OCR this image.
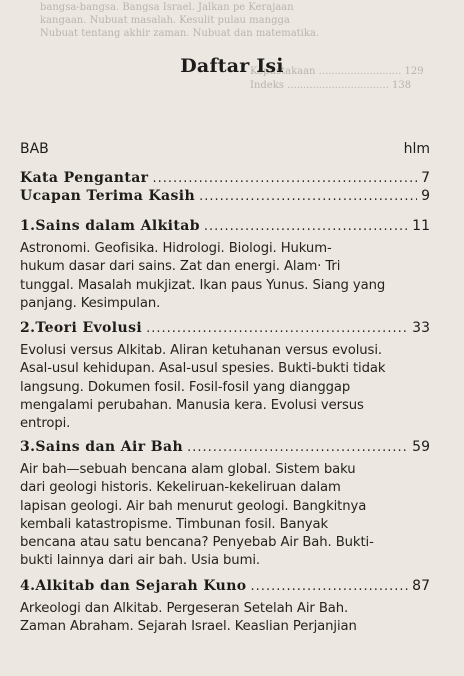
bangsa-bangsa. Bangsa Israel. Jalkan pe Kerajaan
kangaan. Nubuat masalah. Kesulit pulau mangga
Nubuat tentang akhir zaman. Nubuat dan matematika.
Kepustakaan .......................... 129
Indeks ................................ 138
Daftar Isi
BAB	hlm
Kata Pengantar .....	7
Ucapan Terima Kasih .....	9
1.Sains dalam Alkitab .....	11

Astronomi. Geofisika. Hidrologi. Biologi. Hukum-
hukum dasar dari sains. Zat dan energi. Alam· Tri
tunggal. Masalah mukjizat. Ikan paus Yunus. Siang yang
panjang. Kesimpulan.

2.Teori Evolusi .....	33

Evolusi versus Alkitab. Aliran ketuhanan versus evolusi.
Asal-usul kehidupan. Asal-usul spesies. Bukti-bukti tidak
langsung. Dokumen fosil. Fosil-fosil yang dianggap
mengalami perubahan. Manusia kera. Evolusi versus
entropi.

3.Sains dan Air Bah .....	59

Air bah—sebuah bencana alam global. Sistem baku
dari geologi historis. Kekeliruan-kekeliruan dalam
lapisan geologi. Air bah menurut geologi. Bangkitnya
kembali katastropisme. Timbunan fosil. Banyak
bencana atau satu bencana? Penyebab Air Bah. Bukti-
bukti lainnya dari air bah. Usia bumi.

4.Alkitab dan Sejarah Kuno .....	87

Arkeologi dan Alkitab. Pergeseran Setelah Air Bah.
Zaman Abraham. Sejarah Israel. Keaslian Perjanjian
